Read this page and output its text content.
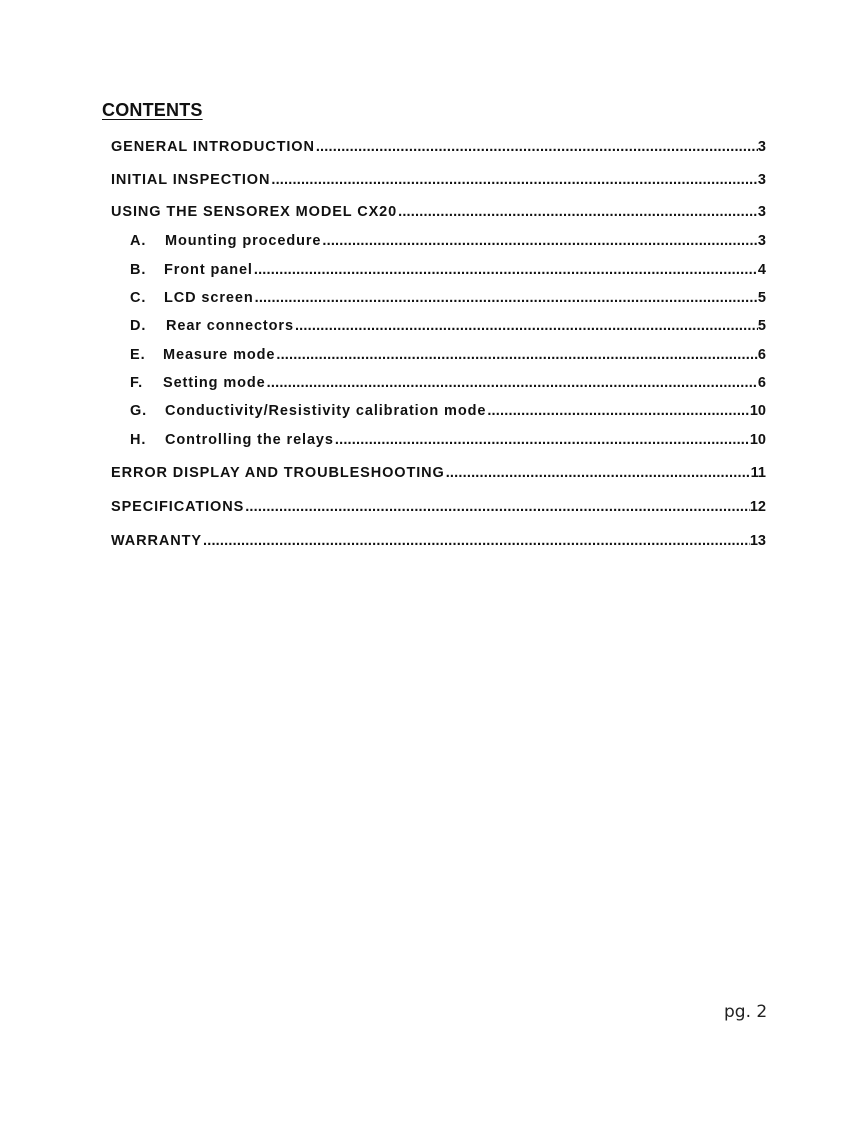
CONTENTS
GENERAL INTRODUCTION .....	3
INITIAL INSPECTION .....	3
USING THE SENSOREX MODEL CX20 .....	3
A. Mounting procedure .....	3
B. Front panel .....	4
C. LCD screen .....	5
D. Rear connectors .....	5
E. Measure mode .....	6
F. Setting mode .....	6
G. Conductivity/Resistivity calibration mode .....	10
H. Controlling the relays .....	10
ERROR DISPLAY AND TROUBLESHOOTING .....	11
SPECIFICATIONS .....	12
WARRANTY .....	13
pg. 2
